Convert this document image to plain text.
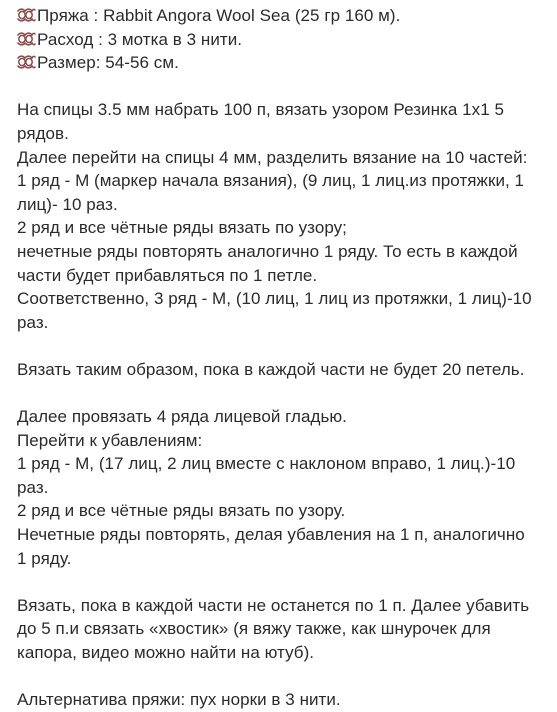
Пряжа : Rabbit Angora Wool Sea (25 гр 160 м).
Расход : 3 мотка в 3 нити.
Размер: 54-56 см.
На спицы 3.5 мм набрать 100 п, вязать узором Резинка 1х1 5
рядов.
Далее перейти на спицы 4 мм, разделить вязание на 10 частей:
1 ряд - М (маркер начала вязания), (9 лиц, 1 лиц.из протяжки, 1
лиц)- 10 раз.
2 ряд и все чётные ряды вязать по узору;
нечетные ряды повторять аналогично 1 ряду. То есть в каждой
части будет прибавляться по 1 петле.
Соответственно, 3 ряд - М, (10 лиц, 1 лиц из протяжки, 1 лиц)-10
раз.
Вязать таким образом, пока в каждой части не будет 20 петель.
Далее провязать 4 ряда лицевой гладью.
Перейти к убавлениям:
1 ряд - М, (17 лиц, 2 лиц вместе с наклоном вправо, 1 лиц.)-10
раз.
2 ряд и все чётные ряды вязать по узору.
Нечетные ряды повторять, делая убавления на 1 п, аналогично
1 ряду.
Вязать, пока в каждой части не останется по 1 п. Далее убавить
до 5 п.и связать «хвостик» (я вяжу также, как шнурочек для
капора, видео можно найти на ютуб).
Альтернатива пряжи: пух норки в 3 нити.
